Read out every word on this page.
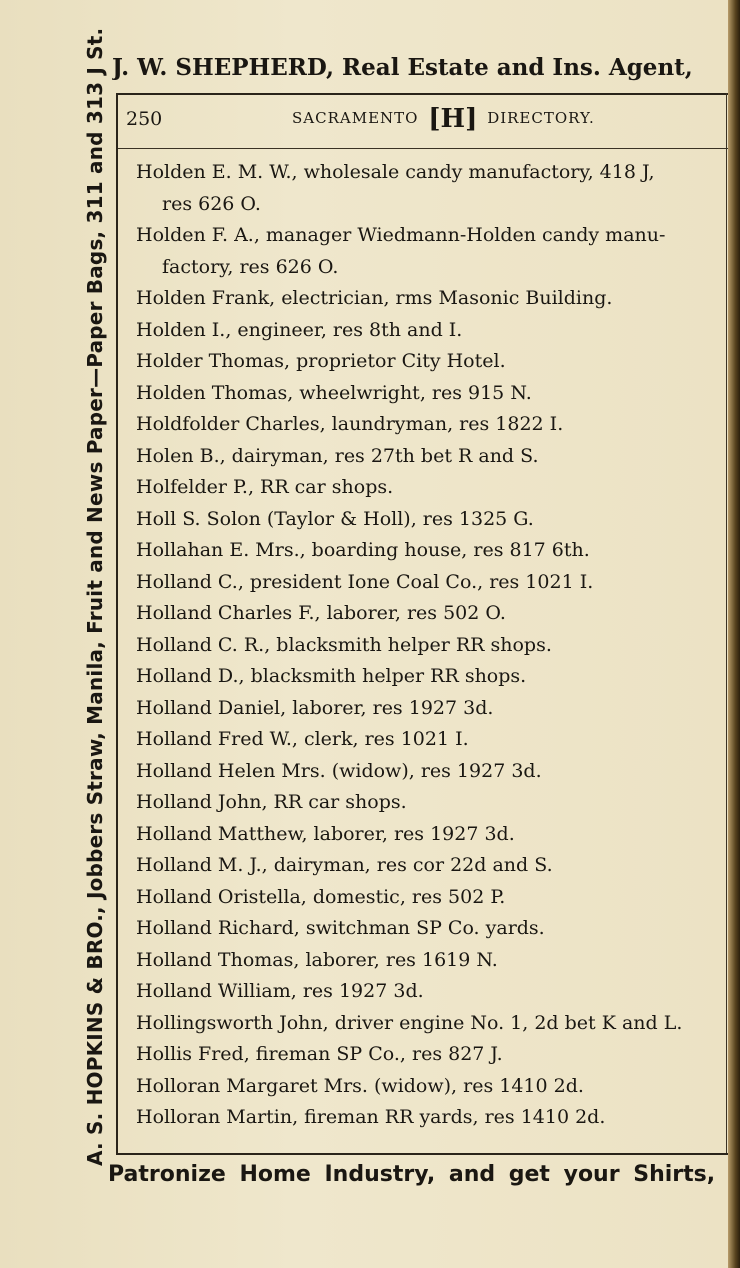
J. W. SHEPHERD, Real Estate and Ins. Agent,
A. S. HOPKINS & BRO., Jobbers Straw, Manila, Fruit and News Paper—Paper Bags, 311 and 313 J St. 250	SACRAMENTO [H] DIRECTORY.
Holden E. M. W., wholesale candy manufactory, 418 J,
res 626 O.
Holden F. A., manager Wiedmann-Holden candy manu-
factory, res 626 O.
Holden Frank, electrician, rms Masonic Building.
Holden I., engineer, res 8th and I.
Holder Thomas, proprietor City Hotel.
Holden Thomas, wheelwright, res 915 N.
Holdfolder Charles, laundryman, res 1822 I.
Holen B., dairyman, res 27th bet R and S.
Holfelder P., RR car shops.
Holl S. Solon (Taylor & Holl), res 1325 G.
Hollahan E. Mrs., boarding house, res 817 6th.
Holland C., president Ione Coal Co., res 1021 I.
Holland Charles F., laborer, res 502 O.
Holland C. R., blacksmith helper RR shops.
Holland D., blacksmith helper RR shops.
Holland Daniel, laborer, res 1927 3d.
Holland Fred W., clerk, res 1021 I.
Holland Helen Mrs. (widow), res 1927 3d.
Holland John, RR car shops.
Holland Matthew, laborer, res 1927 3d.
Holland M. J., dairyman, res cor 22d and S.
Holland Oristella, domestic, res 502 P.
Holland Richard, switchman SP Co. yards.
Holland Thomas, laborer, res 1619 N.
Holland William, res 1927 3d.
Hollingsworth John, driver engine No. 1, 2d bet K and L.
Hollis Fred, fireman SP Co., res 827 J.
Holloran Margaret Mrs. (widow), res 1410 2d.
Holloran Martin, fireman RR yards, res 1410 2d.
Patronize Home Industry, and get your Shirts,
